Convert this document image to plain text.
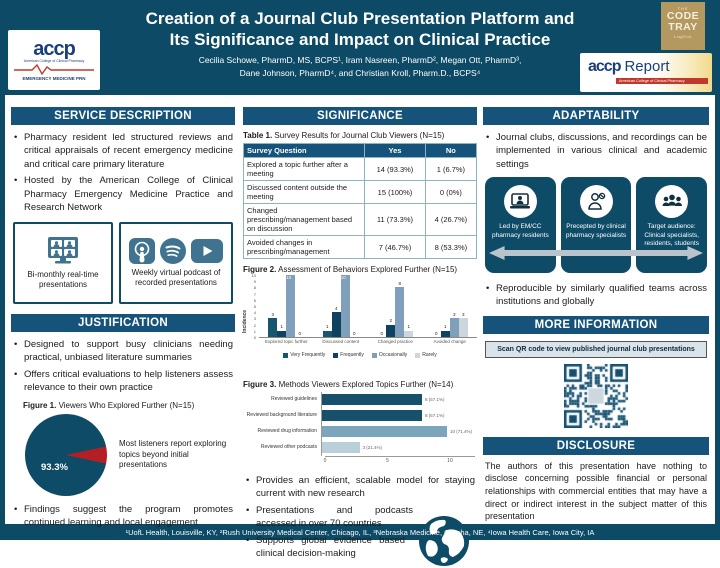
Creation of a Journal Club Presentation Platform and
Its Significance and Impact on Clinical Practice
Cecilia Schowe, PharmD, MS, BCPS¹, Iram Nasreen, PharmD², Megan Ott, PharmD³,
Dane Johnson, PharmD⁴, and Christian Kroll, Pharm.D., BCPS⁴
accp
American College of Clinical Pharmacy
EMERGENCY MEDICINE PRN
THE
CODE
TRAY
1 mg/10 mL
accp Report
American College of Clinical Pharmacy
SERVICE DESCRIPTION
• Pharmacy resident led structured reviews and critical appraisals of recent emergency medicine and critical care primary literature
• Hosted by the American College of Clinical Pharmacy Emergency Medicine Practice and Research Network
Bi-monthly real-time presentations
Weekly virtual podcast of recorded presentations
JUSTIFICATION
• Designed to support busy clinicians needing practical, unbiased literature summaries
• Offers critical evaluations to help listeners assess relevance to their own practice
Figure 1. Viewers Who Explored Further (N=15)
93.3%
Most listeners report exploring topics beyond initial presentations
• Findings suggest the program promotes continued learning and local engagement
SIGNIFICANCE
Table 1. Survey Results for Journal Club Viewers (N=15)
Survey Question	Yes	No
Explored a topic further after a meeting	14 (93.3%)	1 (6.7%)
Discussed content outside the meeting	15 (100%)	0 (0%)
Changed prescribing/management based on discussion	11 (73.3%)	4 (26.7%)
Avoided changes in prescribing/management	7 (46.7%)	8 (53.3%)
Figure 2. Assessment of Behaviors Explored Further (N=15)
Incidence
0
1
2
3
4
5
6
7
8
9
10
3
1
10
0
Explored topic further
1
4
10
0
Discussed content
0
2
8
1
Changed practice
0
1
3 3
Avoided change
Very Frequently	Frequently	Occasionally	Rarely
Figure 3. Methods Viewers Explored Topics Further (N=14)
Reviewed guidelines	8 (57.1%)
Reviewed background literature	8 (57.1%)
Reviewed drug information	10 (71.4%)
Reviewed other podcasts	3 (21.4%)
0	5	10
• Provides an efficient, scalable model for staying current with new research
• Presentations and podcasts accessed in over 70 countries
• Supports global evidence based clinical decision-making
ADAPTABILITY
• Journal clubs, discussions, and recordings can be implemented in various clinical and academic settings
Led by EM/CC pharmacy residents
Precepted by clinical pharmacy specialists
Target audience: Clinical specialists, residents, students
• Reproducible by similarly qualified teams across institutions and globally
MORE INFORMATION
Scan QR code to view published journal club presentations
DISCLOSURE
The authors of this presentation have nothing to disclose concerning possible financial or personal relationships with commercial entities that may have a direct or indirect interest in the subject matter of this presentation
¹UofL Health, Louisville, KY, ²Rush University Medical Center, Chicago, IL, ³Nebraska Medicine, Omaha, NE, ⁴Iowa Health Care, Iowa City, IA
